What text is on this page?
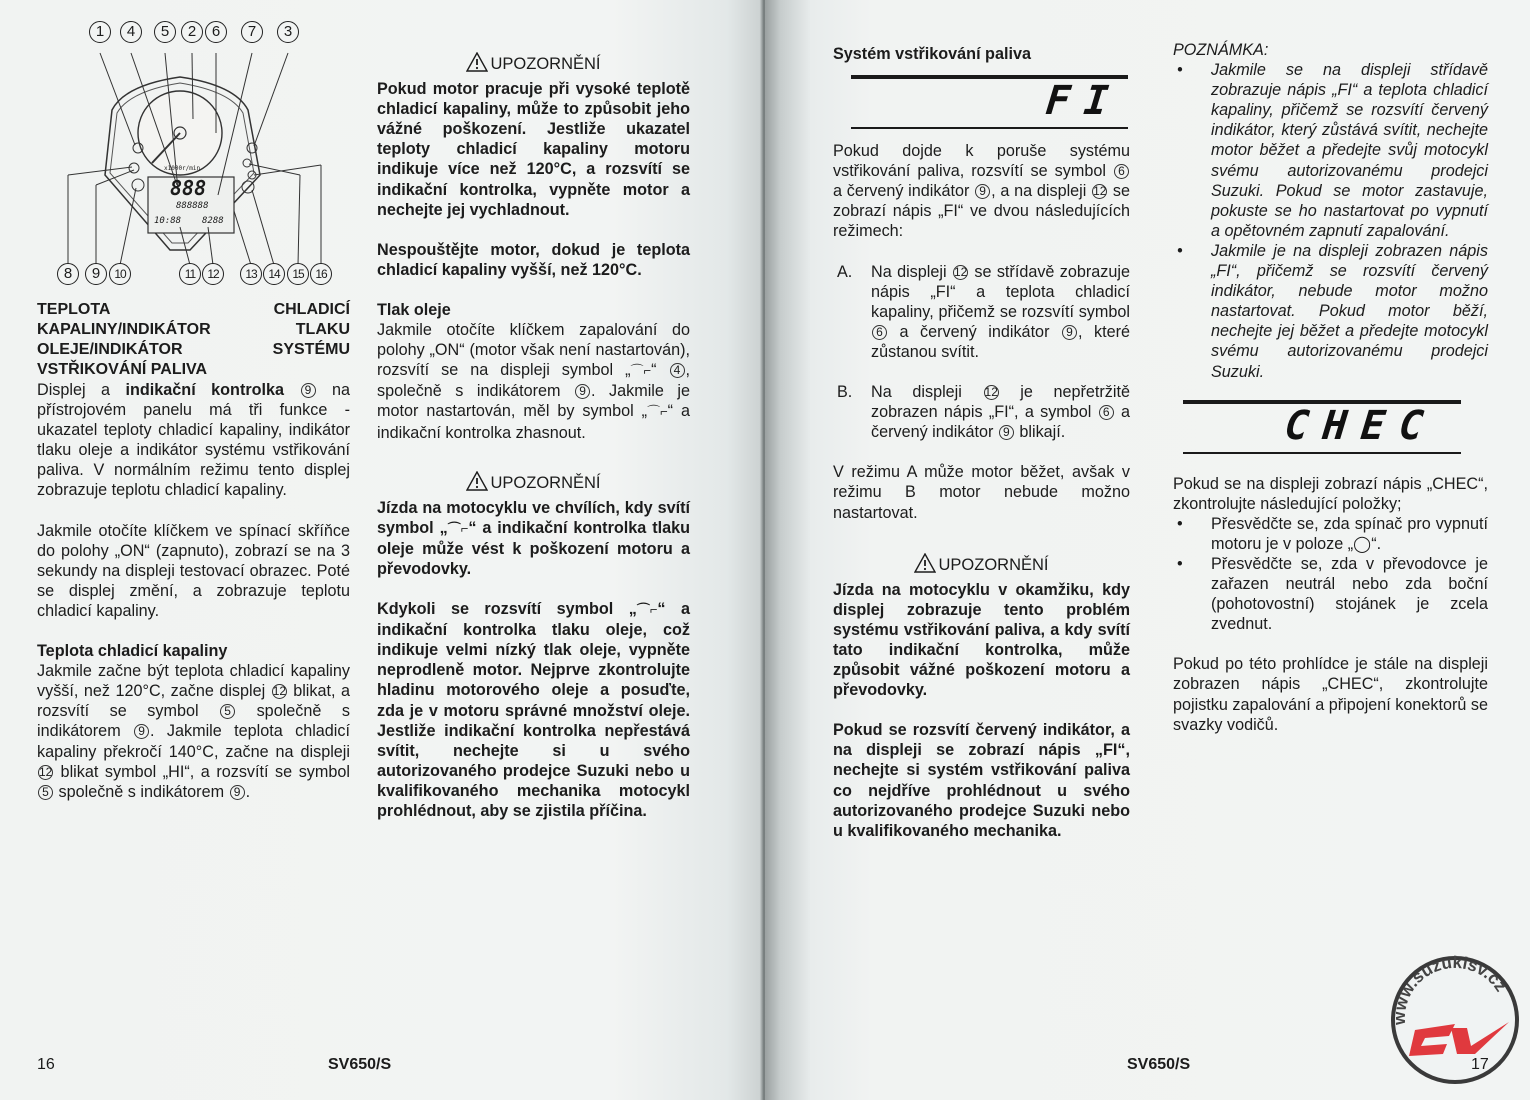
x1000r/min
888
888888
10:88 8288
1	4	5	2	6	7	3
8	9	10	11	12	13 14	15 16

TEPLOTA CHLADICÍ KAPALINY/INDIKÁTOR TLAKU OLEJE/INDIKÁTOR SYSTÉMU VSTŘIKOVÁNÍ PALIVA

Displej a indikační kontrolka 9 na přístrojovém panelu má tři funkce - ukazatel teploty chladicí kapaliny, indikátor tlaku oleje a indikátor systému vstřikování paliva. V normálním režimu tento displej zobrazuje teplotu chladicí kapaliny.

Jakmile otočíte klíčkem ve spínací skříňce do polohy „ON“ (zapnuto), zobrazí se na 3 sekundy na displeji testovací obrazec. Poté se displej změní, a zobrazuje teplotu chladicí kapaliny.

Teplota chladicí kapaliny

Jakmile začne být teplota chladicí kapaliny vyšší, než 120°C, začne displej 12 blikat, a rozsvítí se symbol 5 společně s indikátorem 9 . Jakmile teplota chladicí kapaliny překročí 140°C, začne na displeji 12 blikat symbol „HI“, a rozsvítí se symbol 5 společně s indikátorem 9 .

UPOZORNĚNÍ

Pokud motor pracuje při vysoké teplotě chladicí kapaliny, může to způsobit jeho vážné poškození. Jestliže ukazatel teploty chladicí kapaliny motoru indikuje více než 120°C, a rozsvítí se indikační kontrolka, vypněte motor a nechejte jej vychladnout.

Nespouštějte motor, dokud je teplota chladicí kapaliny vyšší, než 120°C.

Tlak oleje

Jakmile otočíte klíčkem zapalování do polohy „ON“ (motor však není nastartován), rozsvítí se na displeji symbol „⌒⌐“ 4 , společně s indikátorem 9 . Jakmile je motor nastartován, měl by symbol „⌒⌐“ a indikační kontrolka zhasnout.

UPOZORNĚNÍ

Jízda na motocyklu ve chvílích, kdy svítí symbol „⌒⌐“ a indikační kontrolka tlaku oleje může vést k poškození motoru a převodovky.

Kdykoli se rozsvítí symbol „⌒⌐“ a indikační kontrolka tlaku oleje, což indikuje velmi nízký tlak oleje, vypněte neprodleně motor. Nejprve zkontrolujte hladinu motorového oleje a posuďte, zda je v motoru správné množství oleje. Jestliže indikační kontrolka nepřestává svítit, nechejte si u svého autorizovaného prodejce Suzuki nebo u kvalifikovaného mechanika motocykl prohlédnout, aby se zjistila příčina.

16	SV650/S

Systém vstřikování paliva

FI

Pokud dojde k poruše systému vstřikování paliva, rozsvítí se symbol 6 a červený indikátor 9 , a na displeji 12 se zobrazí nápis „FI“ ve dvou následujících režimech:

A.	Na displeji 12 se střídavě zobrazuje nápis „FI“ a teplota chladicí kapaliny, přičemž se rozsvítí symbol 6 a červený indikátor 9 , které zůstanou svítit.
B.	Na displeji 12 je nepřetržitě zobrazen nápis „FI“, a symbol 6 a červený indikátor 9 blikají.

V režimu A může motor běžet, avšak v režimu B motor nebude možno nastartovat.

UPOZORNĚNÍ

Jízda na motocyklu v okamžiku, kdy displej zobrazuje tento problém systému vstřikování paliva, a kdy svítí tato indikační kontrolka, může způsobit vážné poškození motoru a převodovky.

Pokud se rozsvítí červený indikátor, a na displeji se zobrazí nápis „FI“, nechejte si systém vstřikování paliva co nejdříve prohlédnout u svého autorizovaného prodejce Suzuki nebo u kvalifikovaného mechanika.

POZNÁMKA:

•	Jakmile se na displeji střídavě zobrazuje nápis „FI“ a teplota chladicí kapaliny, přičemž se rozsvítí červený indikátor, který zůstává svítit, nechejte motor běžet a předejte svůj motocykl svému autorizovanému prodejci Suzuki. Pokud se motor zastavuje, pokuste se ho nastartovat po vypnutí a opětovném zapnutí zapalování.
•	Jakmile je na displeji zobrazen nápis „FI“, přičemž se rozsvítí červený indikátor, nebude motor možno nastartovat. Pokud motor běží, nechejte jej běžet a předejte motocykl svému autorizovanému prodejci Suzuki.
CHEC

Pokud se na displeji zobrazí nápis „CHEC“, zkontrolujte následující položky;

•	Přesvědčte se, zda spínač pro vypnutí motoru je v poloze „◯“.
•	Přesvědčte se, zda v převodovce je zařazen neutrál nebo zda boční (pohotovostní) stojánek je zcela zvednut.

Pokud po této prohlídce je stále na displeji zobrazen nápis „CHEC“, zkontrolujte pojistku zapalování a připojení konektorů se svazky vodičů.

SV650/S
www.suzukisv.cz
17
